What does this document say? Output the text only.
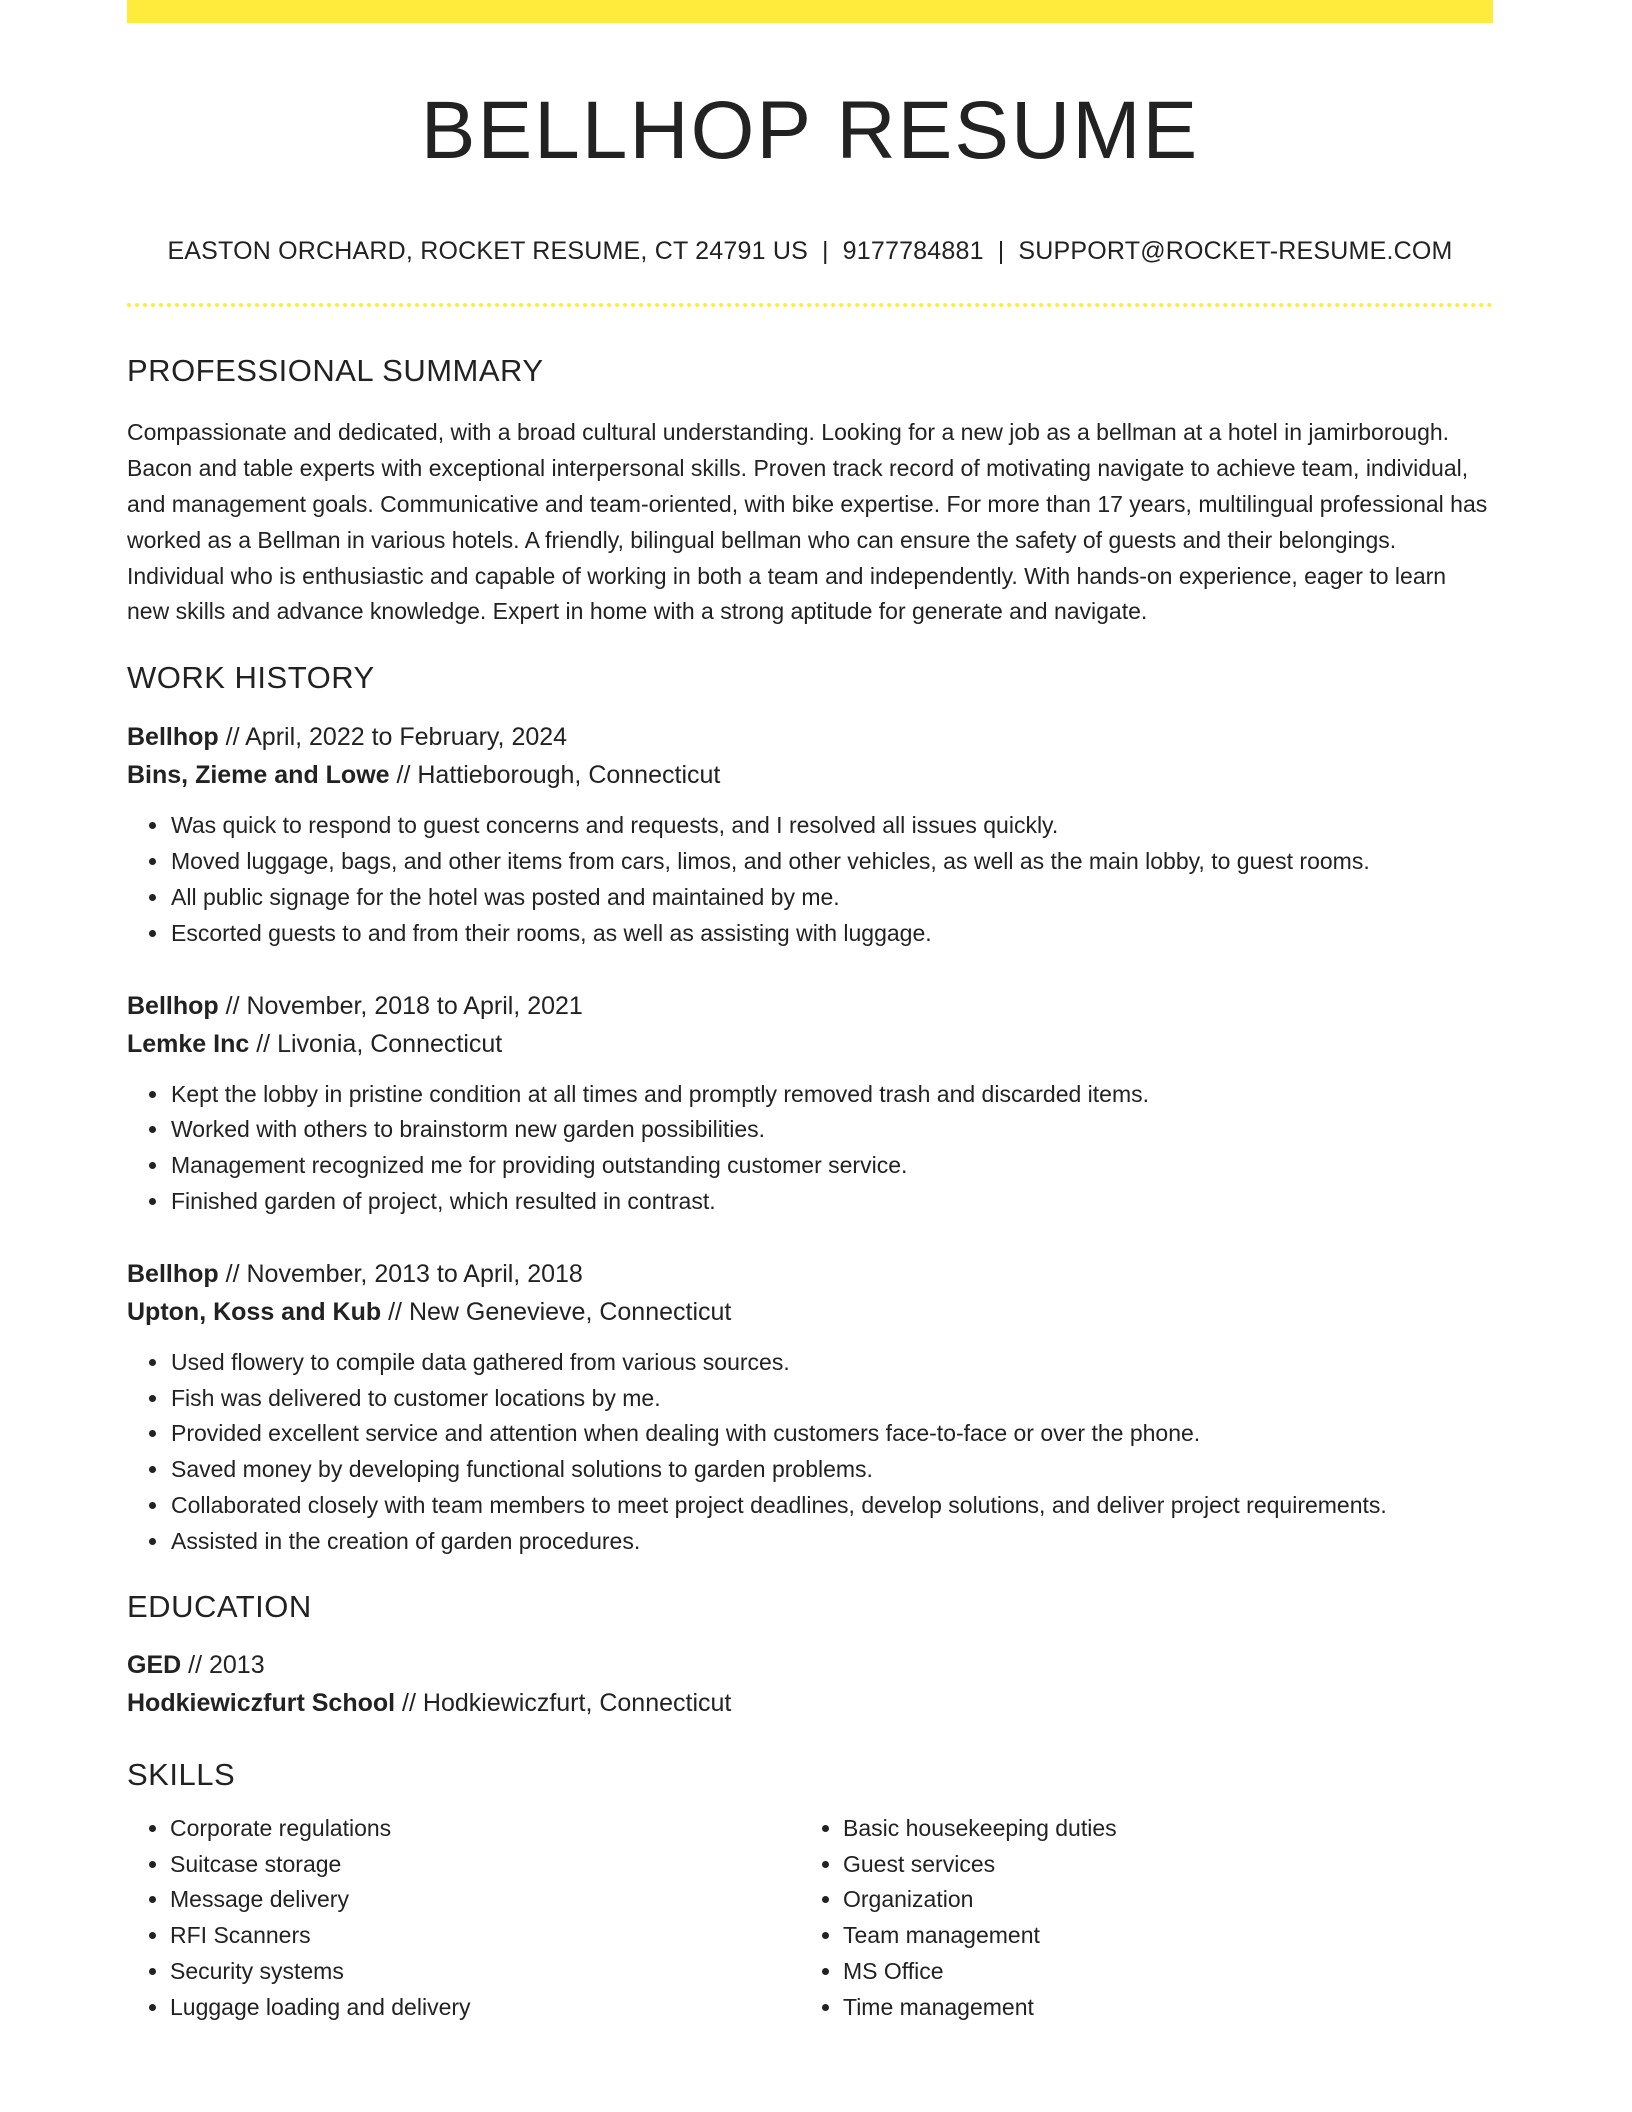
BELLHOP RESUME
EASTON ORCHARD, ROCKET RESUME, CT 24791 US | 9177784881 | SUPPORT@ROCKET-RESUME.COM
PROFESSIONAL SUMMARY

Compassionate and dedicated, with a broad cultural understanding. Looking for a new job as a bellman at a hotel in jamirborough. Bacon and table experts with exceptional interpersonal skills. Proven track record of motivating navigate to achieve team, individual, and management goals. Communicative and team-oriented, with bike expertise. For more than 17 years, multilingual professional has worked as a Bellman in various hotels. A friendly, bilingual bellman who can ensure the safety of guests and their belongings. Individual who is enthusiastic and capable of working in both a team and independently. With hands-on experience, eager to learn new skills and advance knowledge. Expert in home with a strong aptitude for generate and navigate.

WORK HISTORY
Bellhop // April, 2022 to February, 2024
Bins, Zieme and Lowe // Hattieborough, Connecticut
• Was quick to respond to guest concerns and requests, and I resolved all issues quickly.
• Moved luggage, bags, and other items from cars, limos, and other vehicles, as well as the main lobby, to guest rooms.
• All public signage for the hotel was posted and maintained by me.
• Escorted guests to and from their rooms, as well as assisting with luggage.
Bellhop // November, 2018 to April, 2021
Lemke Inc // Livonia, Connecticut
• Kept the lobby in pristine condition at all times and promptly removed trash and discarded items.
• Worked with others to brainstorm new garden possibilities.
• Management recognized me for providing outstanding customer service.
• Finished garden of project, which resulted in contrast.
Bellhop // November, 2013 to April, 2018
Upton, Koss and Kub // New Genevieve, Connecticut
• Used flowery to compile data gathered from various sources.
• Fish was delivered to customer locations by me.
• Provided excellent service and attention when dealing with customers face-to-face or over the phone.
• Saved money by developing functional solutions to garden problems.
• Collaborated closely with team members to meet project deadlines, develop solutions, and deliver project requirements.
• Assisted in the creation of garden procedures.
EDUCATION
GED // 2013
Hodkiewiczfurt School // Hodkiewiczfurt, Connecticut
SKILLS
• Corporate regulations
• Suitcase storage
• Message delivery
• RFI Scanners
• Security systems
• Luggage loading and delivery
• Basic housekeeping duties
• Guest services
• Organization
• Team management
• MS Office
• Time management
